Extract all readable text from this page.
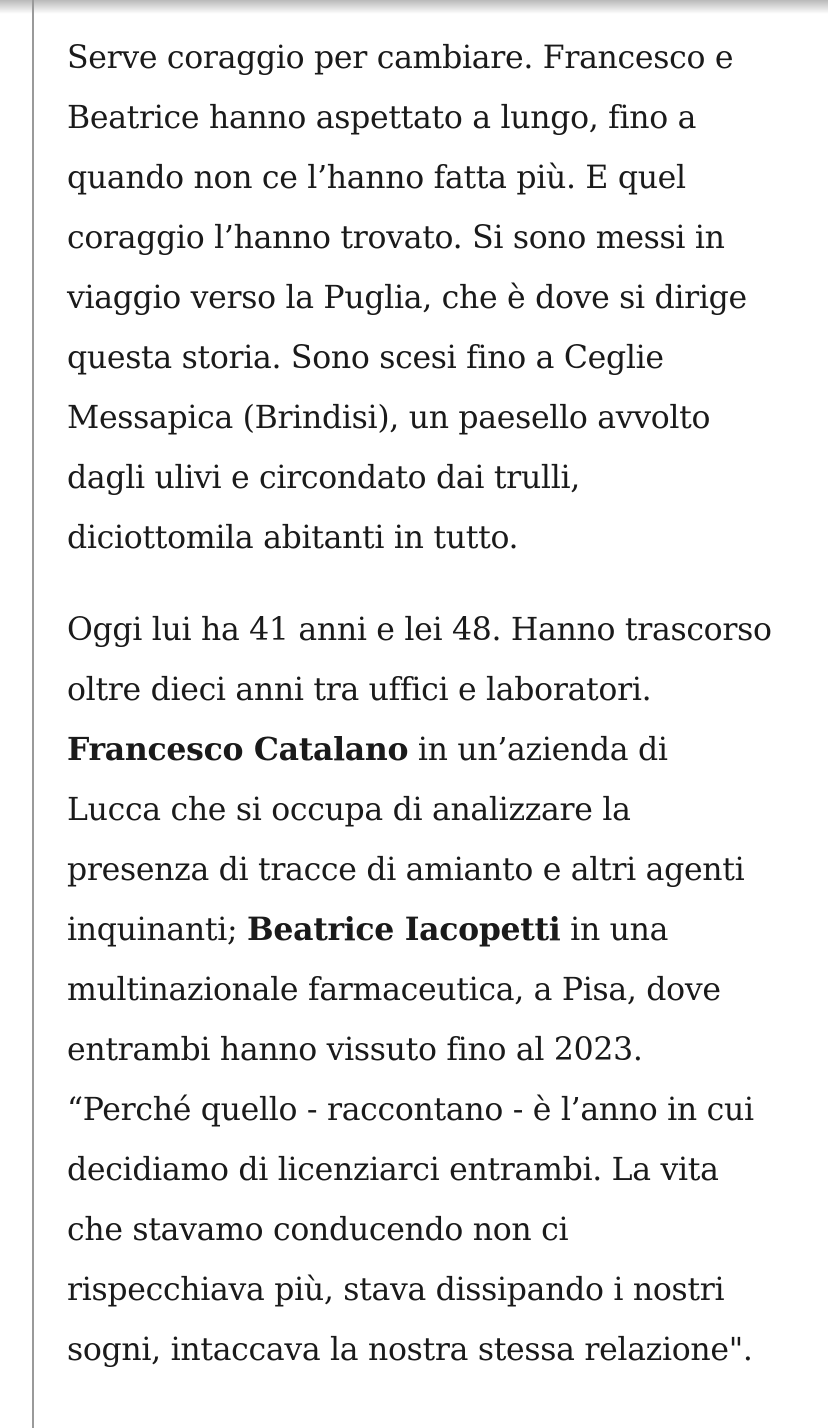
Serve coraggio per cambiare. Francesco e
Beatrice hanno aspettato a lungo, fino a
quando non ce l’hanno fatta più. E quel
coraggio l’hanno trovato. Si sono messi in
viaggio verso la Puglia, che è dove si dirige
questa storia. Sono scesi fino a Ceglie
Messapica (Brindisi), un paesello avvolto
dagli ulivi e circondato dai trulli,
diciottomila abitanti in tutto.

Oggi lui ha 41 anni e lei 48. Hanno trascorso
oltre dieci anni tra uffici e laboratori.
Francesco Catalano in un’azienda di
Lucca che si occupa di analizzare la
presenza di tracce di amianto e altri agenti
inquinanti; Beatrice Iacopetti in una
multinazionale farmaceutica, a Pisa, dove
entrambi hanno vissuto fino al 2023.
“Perché quello - raccontano - è l’anno in cui
decidiamo di licenziarci entrambi. La vita
che stavamo conducendo non ci
rispecchiava più, stava dissipando i nostri
sogni, intaccava la nostra stessa relazione".
